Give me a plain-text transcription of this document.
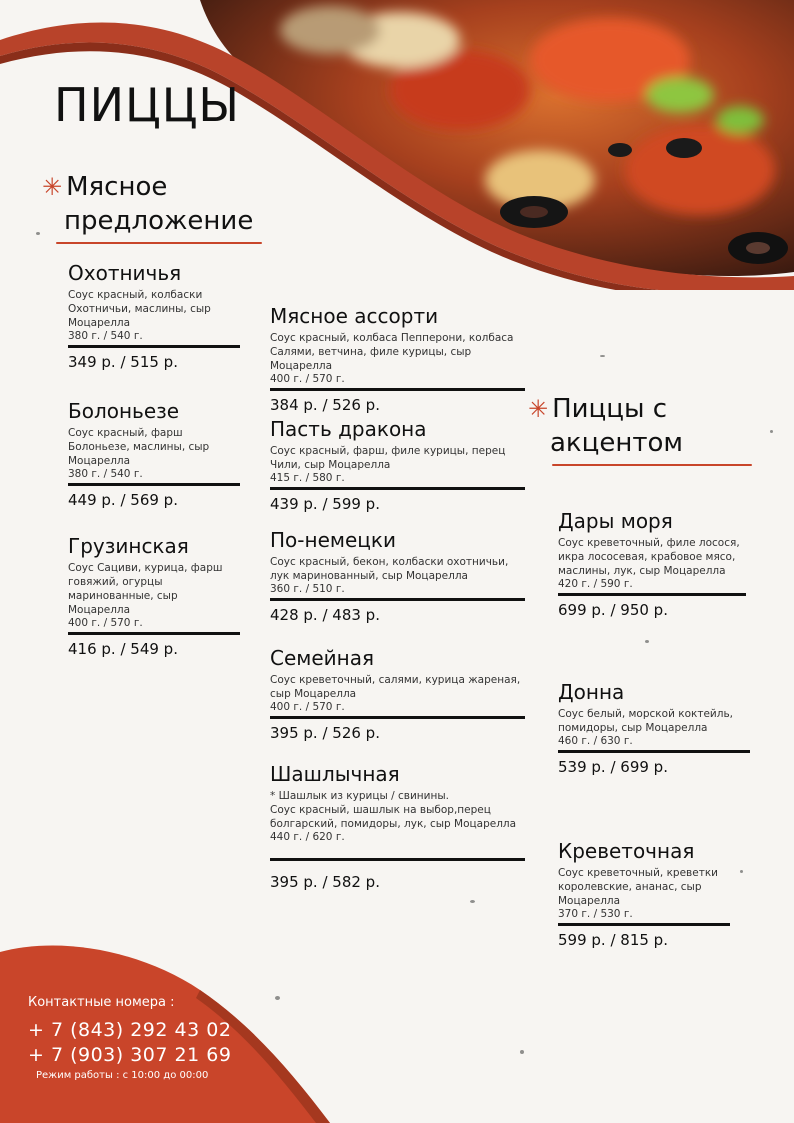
ПИЦЦЫ
✳ Мясное
предложение
✳ Пиццы с
акцентом
Охотничья
Соус красный, колбаски Охотничьи, маслины, сыр Моцарелла
380 г. / 540 г.
349 р. / 515 р.
Болоньезе
Соус красный, фарш Болоньезе, маслины, сыр Моцарелла
380 г. / 540 г.
449 р. / 569 р.
Грузинская
Соус Сациви, курица, фарш говяжий, огурцы маринованные, сыр Моцарелла
400 г. / 570 г.
416 р. / 549 р.
Мясное ассорти
Соус красный, колбаса Пепперони, колбаса Салями, ветчина, филе курицы, сыр Моцарелла
400 г. / 570 г.
384 р. / 526 р.
Пасть дракона
Соус красный, фарш, филе курицы, перец Чили, сыр Моцарелла
415 г. / 580 г.
439 р. / 599 р.
По-немецки
Соус красный, бекон, колбаски охотничьи, лук маринованный, сыр Моцарелла
360 г. / 510 г.
428 р. / 483 р.
Семейная
Соус креветочный, салями, курица жареная, сыр Моцарелла
400 г. / 570 г.
395 р. / 526 р.
Шашлычная
* Шашлык из курицы / свинины.
Соус красный, шашлык на выбор,перец болгарский, помидоры, лук, сыр Моцарелла
440 г. / 620 г.
395 р. / 582 р.
Дары моря
Соус креветочный, филе лосося, икра лососевая, крабовое мясо, маслины, лук, сыр Моцарелла
420 г. / 590 г.
699 р. / 950 р.
Донна
Соус белый, морской коктейль, помидоры, сыр Моцарелла
460 г. / 630 г.
539 р. / 699 р.
Креветочная
Соус креветочный, креветки королевские, ананас, сыр Моцарелла
370 г. / 530 г.
599 р. / 815 р.
Контактные номера :
+ 7 (843) 292 43 02
+ 7 (903) 307 21 69
Режим работы : с 10:00 до 00:00
